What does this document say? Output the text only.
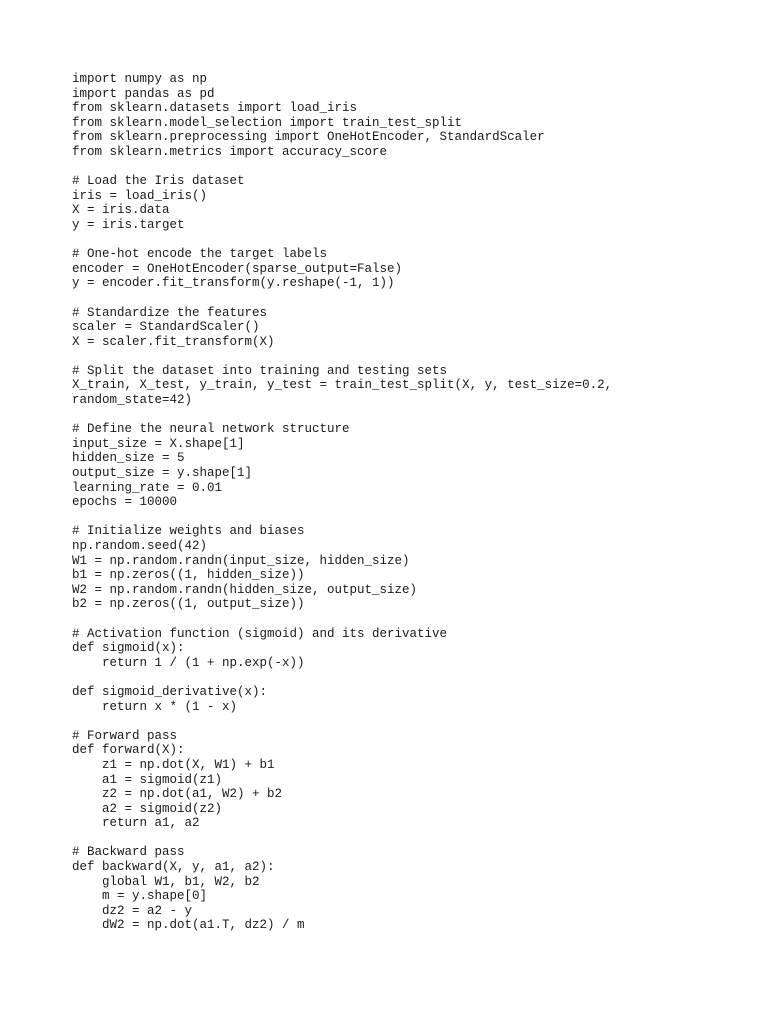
import numpy as np
import pandas as pd
from sklearn.datasets import load_iris
from sklearn.model_selection import train_test_split
from sklearn.preprocessing import OneHotEncoder, StandardScaler
from sklearn.metrics import accuracy_score

# Load the Iris dataset
iris = load_iris()
X = iris.data
y = iris.target

# One-hot encode the target labels
encoder = OneHotEncoder(sparse_output=False)
y = encoder.fit_transform(y.reshape(-1, 1))

# Standardize the features
scaler = StandardScaler()
X = scaler.fit_transform(X)

# Split the dataset into training and testing sets
X_train, X_test, y_train, y_test = train_test_split(X, y, test_size=0.2,
random_state=42)

# Define the neural network structure
input_size = X.shape[1]
hidden_size = 5
output_size = y.shape[1]
learning_rate = 0.01
epochs = 10000

# Initialize weights and biases
np.random.seed(42)
W1 = np.random.randn(input_size, hidden_size)
b1 = np.zeros((1, hidden_size))
W2 = np.random.randn(hidden_size, output_size)
b2 = np.zeros((1, output_size))

# Activation function (sigmoid) and its derivative
def sigmoid(x):
return 1 / (1 + np.exp(-x))

def sigmoid_derivative(x):
return x * (1 - x)

# Forward pass
def forward(X):
z1 = np.dot(X, W1) + b1
a1 = sigmoid(z1)
z2 = np.dot(a1, W2) + b2
a2 = sigmoid(z2)
return a1, a2

# Backward pass
def backward(X, y, a1, a2):
global W1, b1, W2, b2
m = y.shape[0]
dz2 = a2 - y
dW2 = np.dot(a1.T, dz2) / m
